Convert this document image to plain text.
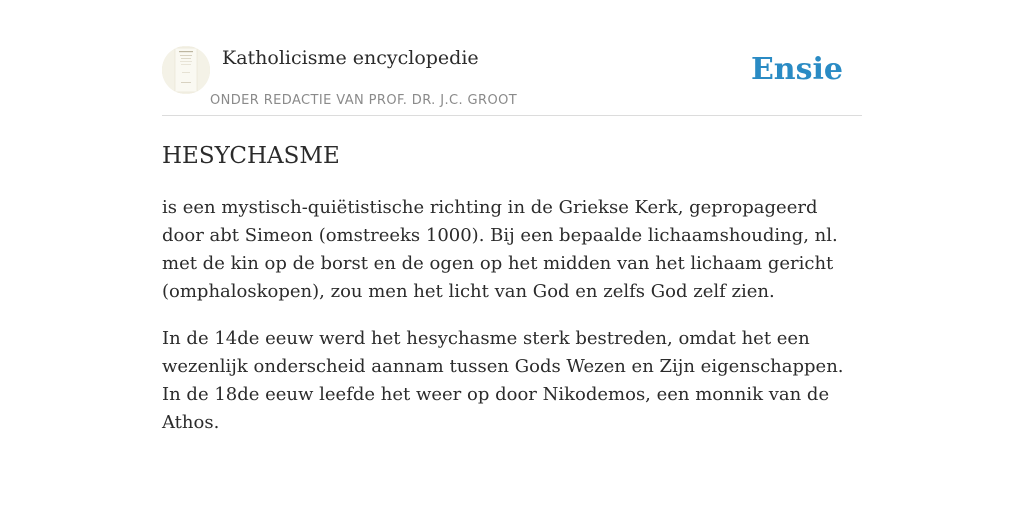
Katholicisme encyclopedie
ONDER REDACTIE VAN PROF. DR. J.C. GROOT
Ensie
HESYCHASME

is een mystisch-quiëtistische richting in de Griekse Kerk, gepropageerd door abt Simeon (omstreeks 1000). Bij een bepaalde lichaamshouding, nl. met de kin op de borst en de ogen op het midden van het lichaam gericht (omphaloskopen), zou men het licht van God en zelfs God zelf zien.

In de 14de eeuw werd het hesychasme sterk bestreden, omdat het een wezenlijk onderscheid aannam tussen Gods Wezen en Zijn eigenschappen. In de 18de eeuw leefde het weer op door Nikodemos, een monnik van de Athos.
